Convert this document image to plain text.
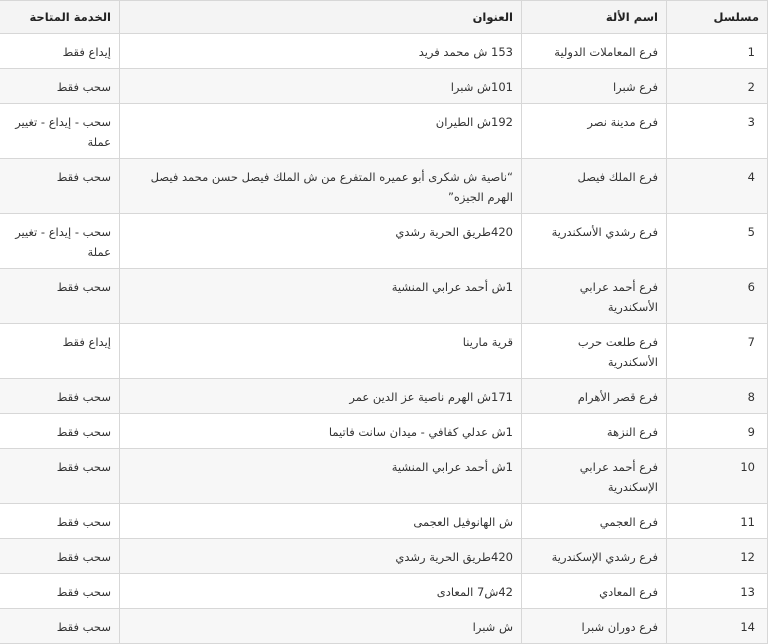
مسلسل	اسم الألة	العنوان	الخدمة المتاحة
1	فرع المعاملات الدولية	153 ش محمد فريد	إيداع فقط
2	فرع شبرا	101ش شبرا	سحب فقط
3	فرع مدينة نصر	192ش الطيران	سحب - إيداع - تغيير عملة
4	فرع الملك فيصل	“ناصية ش شكرى أبو عميره المتفرع من ش الملك فيصل حسن محمد فيصل الهرم الجيزه”	سحب فقط
5	فرع رشدي الأسكندرية	420طريق الحرية رشدي	سحب - إيداع - تغيير عملة
6	فرع أحمد عرابي الأسكندرية	1ش أحمد عرابي المنشية	سحب فقط
7	فرع طلعت حرب الأسكندرية	قرية مارينا	إيداع فقط
8	فرع قصر الأهرام	171ش الهرم ناصية عز الدين عمر	سحب فقط
9	فرع النزهة	1ش عدلي كفافي - ميدان سانت فاتيما	سحب فقط
10	فرع أحمد عرابي الإسكندرية	1ش أحمد عرابي المنشية	سحب فقط
11	فرع العجمي	ش الهانوفيل العجمى	سحب فقط
12	فرع رشدي الإسكندرية	420طريق الحرية رشدي	سحب فقط
13	فرع المعادي	42ش7 المعادى	سحب فقط
14	فرع دوران شبرا	ش شبرا	سحب فقط
